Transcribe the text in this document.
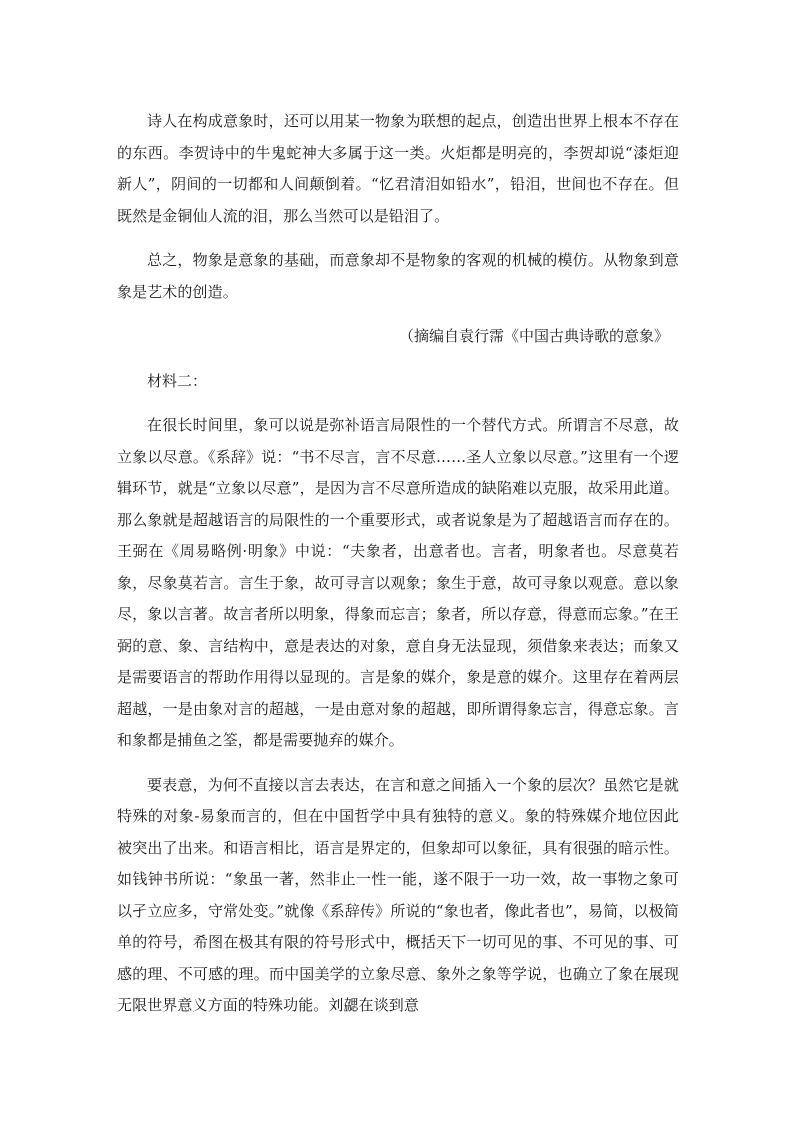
诗人在构成意象时，还可以用某一物象为联想的起点，创造出世界上根本不存在的东西。李贺诗中的牛鬼蛇神大多属于这一类。火炬都是明亮的，李贺却说“漆炬迎新人”，阴间的一切都和人间颠倒着。“忆君清泪如铅水”，铅泪，世间也不存在。但既然是金铜仙人流的泪，那么当然可以是铅泪了。

总之，物象是意象的基础，而意象却不是物象的客观的机械的模仿。从物象到意象是艺术的创造。

（摘编自袁行霈《中国古典诗歌的意象》

材料二：

在很长时间里，象可以说是弥补语言局限性的一个替代方式。所谓言不尽意，故立象以尽意。《系辞》说：“书不尽言，言不尽意……圣人立象以尽意。”这里有一个逻辑环节，就是“立象以尽意”，是因为言不尽意所造成的缺陷难以克服，故采用此道。那么象就是超越语言的局限性的一个重要形式，或者说象是为了超越语言而存在的。王弼在《周易略例·明象》中说：“夫象者，出意者也。言者，明象者也。尽意莫若象，尽象莫若言。言生于象，故可寻言以观象；象生于意，故可寻象以观意。意以象尽，象以言著。故言者所以明象，得象而忘言；象者，所以存意，得意而忘象。”在王弼的意、象、言结构中，意是表达的对象，意自身无法显现，须借象来表达；而象又是需要语言的帮助作用得以显现的。言是象的媒介，象是意的媒介。这里存在着两层超越，一是由象对言的超越，一是由意对象的超越，即所谓得象忘言，得意忘象。言和象都是捕鱼之筌，都是需要抛弃的媒介。

要表意，为何不直接以言去表达，在言和意之间插入一个象的层次？虽然它是就特殊的对象-易象而言的，但在中国哲学中具有独特的意义。象的特殊媒介地位因此被突出了出来。和语言相比，语言是界定的，但象却可以象征，具有很强的暗示性。如钱钟书所说：“象虽一著，然非止一性一能，遂不限于一功一效，故一事物之象可以孑立应多，守常处变。”就像《系辞传》所说的“象也者，像此者也”，易简，以极简单的符号，希图在极其有限的符号形式中，概括天下一切可见的事、不可见的事、可感的理、不可感的理。而中国美学的立象尽意、象外之象等学说，也确立了象在展现无限世界意义方面的特殊功能。刘勰在谈到意
